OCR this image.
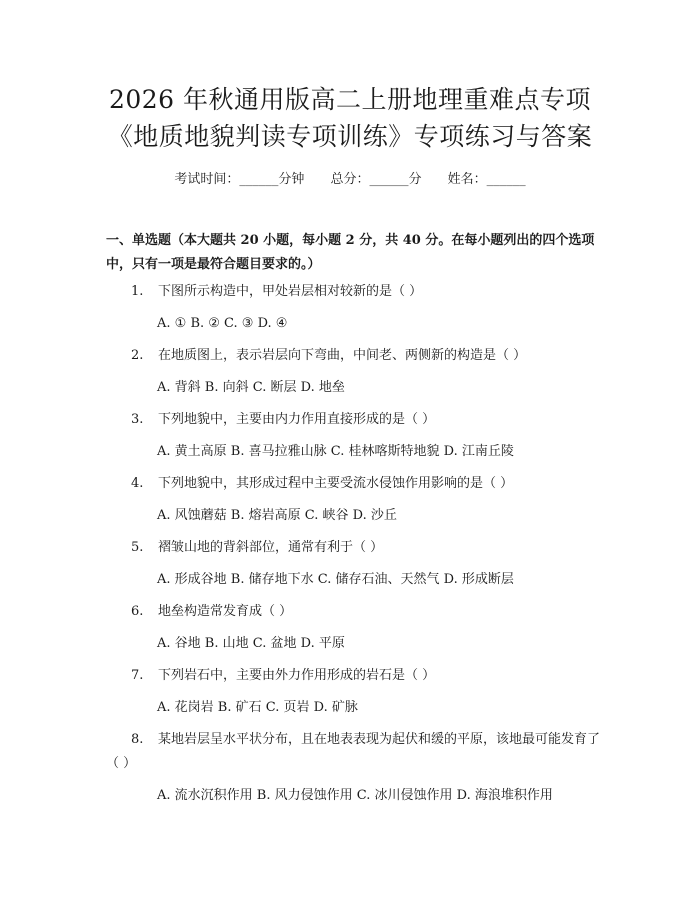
2026 年秋通用版高二上册地理重难点专项
《地质地貌判读专项训练》专项练习与答案
考试时间：______分钟 总分：______分 姓名：______
一、单选题（本大题共 20 小题，每小题 2 分，共 40 分。在每小题列出的四个选项中，只有一项是最符合题目要求的。）
1. 下图所示构造中，甲处岩层相对较新的是（ ）
A. ① B. ② C. ③ D. ④
2. 在地质图上，表示岩层向下弯曲，中间老、两侧新的构造是（ ）
A. 背斜 B. 向斜 C. 断层 D. 地垒
3. 下列地貌中，主要由内力作用直接形成的是（ ）
A. 黄土高原 B. 喜马拉雅山脉 C. 桂林喀斯特地貌 D. 江南丘陵
4. 下列地貌中，其形成过程中主要受流水侵蚀作用影响的是（ ）
A. 风蚀蘑菇 B. 熔岩高原 C. 峡谷 D. 沙丘
5. 褶皱山地的背斜部位，通常有利于（ ）
A. 形成谷地 B. 储存地下水 C. 储存石油、天然气 D. 形成断层
6. 地垒构造常发育成（ ）
A. 谷地 B. 山地 C. 盆地 D. 平原
7. 下列岩石中，主要由外力作用形成的岩石是（ ）
A. 花岗岩 B. 矿石 C. 页岩 D. 矿脉
8. 某地岩层呈水平状分布，且在地表表现为起伏和缓的平原，该地最可能发育了（ ）
A. 流水沉积作用 B. 风力侵蚀作用 C. 冰川侵蚀作用 D. 海浪堆积作用
